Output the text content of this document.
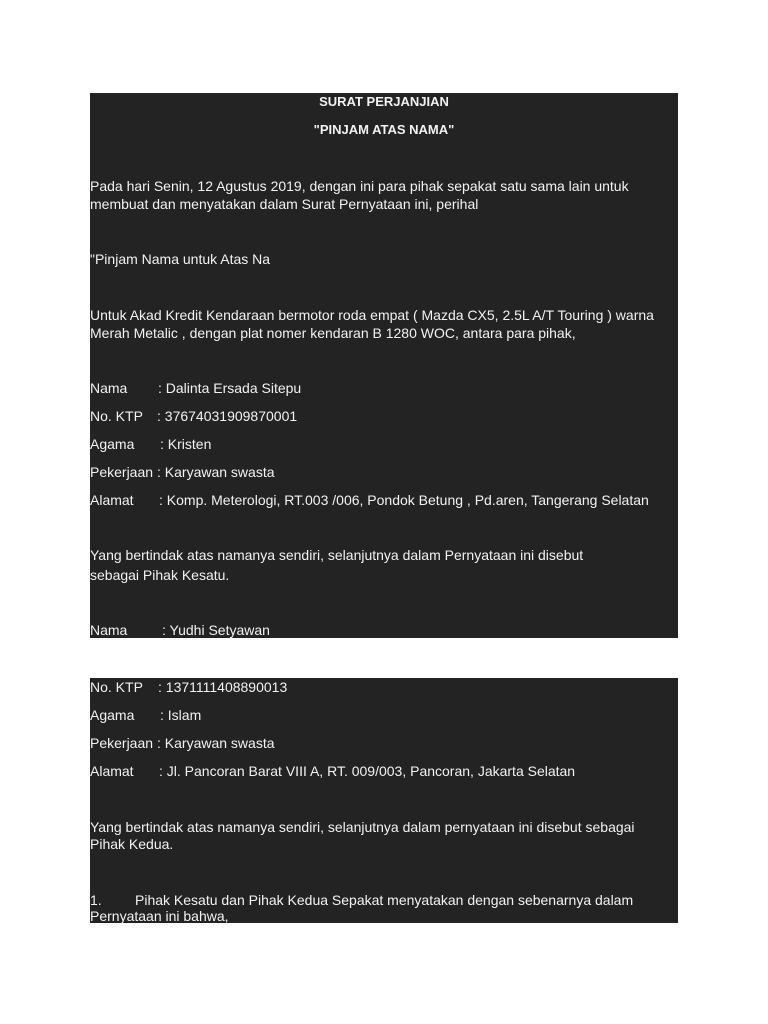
SURAT PERJANJIAN
"PINJAM ATAS NAMA"
Pada hari Senin, 12 Agustus 2019, dengan ini para pihak sepakat satu sama lain untuk
membuat dan menyatakan dalam Surat Pernyataan ini, perihal
"Pinjam Nama untuk Atas Na
Untuk Akad Kredit Kendaraan bermotor roda empat ( Mazda CX5, 2.5L A/T Touring ) warna
Merah Metalic , dengan plat nomer kendaran B 1280 WOC, antara para pihak,
Nama : Dalinta Ersada Sitepu
No. KTP : 37674031909870001
Agama : Kristen
Pekerjaan : Karyawan swasta
Alamat : Komp. Meterologi, RT.003 /006, Pondok Betung , Pd.aren, Tangerang Selatan
Yang bertindak atas namanya sendiri, selanjutnya dalam Pernyataan ini disebut
sebagai Pihak Kesatu.
Nama : Yudhi Setyawan
No. KTP : 1371111408890013
Agama : Islam
Pekerjaan : Karyawan swasta
Alamat : Jl. Pancoran Barat VIII A, RT. 009/003, Pancoran, Jakarta Selatan
Yang bertindak atas namanya sendiri, selanjutnya dalam pernyataan ini disebut sebagai
Pihak Kedua.
1. Pihak Kesatu dan Pihak Kedua Sepakat menyatakan dengan sebenarnya dalam
Pernyataan ini bahwa,
